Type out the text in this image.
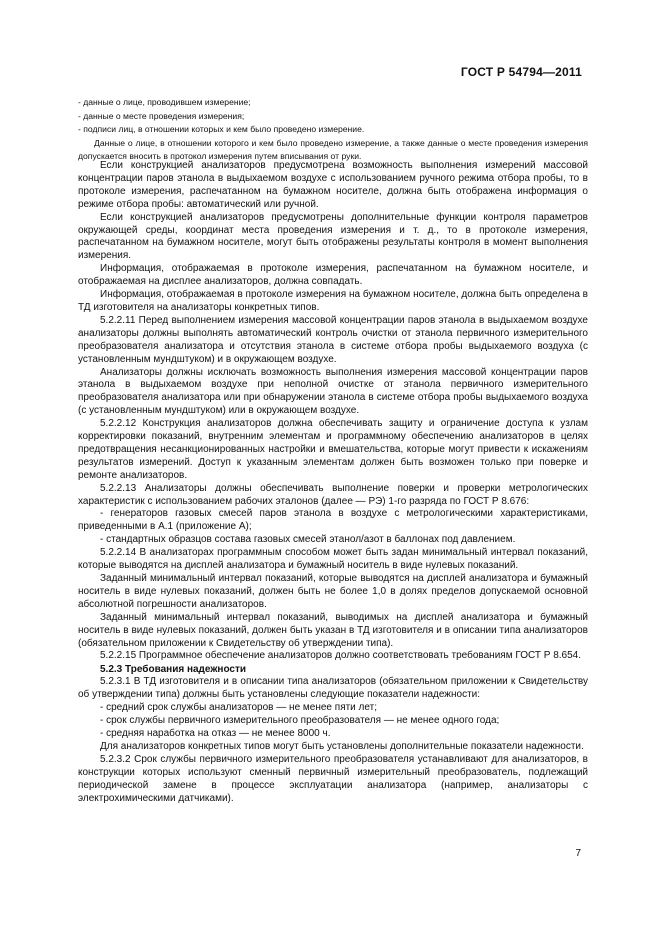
ГОСТ Р 54794—2011

- данные о лице, проводившем измерение;

- данные о месте проведения измерения;

- подписи лиц, в отношении которых и кем было проведено измерение.

Данные о лице, в отношении которого и кем было проведено измерение, а также данные о месте проведения измерения допускается вносить в протокол измерения путем вписывания от руки.

Если конструкцией анализаторов предусмотрена возможность выполнения измерений массовой концентрации паров этанола в выдыхаемом воздухе с использованием ручного режима отбора пробы, то в протоколе измерения, распечатанном на бумажном носителе, должна быть отображена информация о режиме отбора пробы: автоматический или ручной.

Если конструкцией анализаторов предусмотрены дополнительные функции контроля параметров окружающей среды, координат места проведения измерения и т. д., то в протоколе измерения, распечатанном на бумажном носителе, могут быть отображены результаты контроля в момент выполнения измерения.

Информация, отображаемая в протоколе измерения, распечатанном на бумажном носителе, и отображаемая на дисплее анализаторов, должна совпадать.

Информация, отображаемая в протоколе измерения на бумажном носителе, должна быть определена в ТД изготовителя на анализаторы конкретных типов.

5.2.2.11 Перед выполнением измерения массовой концентрации паров этанола в выдыхаемом воздухе анализаторы должны выполнять автоматический контроль очистки от этанола первичного измерительного преобразователя анализатора и отсутствия этанола в системе отбора пробы выдыхаемого воздуха (с установленным мундштуком) и в окружающем воздухе.

Анализаторы должны исключать возможность выполнения измерения массовой концентрации паров этанола в выдыхаемом воздухе при неполной очистке от этанола первичного измерительного преобразователя анализатора или при обнаружении этанола в системе отбора пробы выдыхаемого воздуха (с установленным мундштуком) или в окружающем воздухе.

5.2.2.12 Конструкция анализаторов должна обеспечивать защиту и ограничение доступа к узлам корректировки показаний, внутренним элементам и программному обеспечению анализаторов в целях предотвращения несанкционированных настройки и вмешательства, которые могут привести к искажениям результатов измерений. Доступ к указанным элементам должен быть возможен только при поверке и ремонте анализаторов.

5.2.2.13 Анализаторы должны обеспечивать выполнение поверки и проверки метрологических характеристик с использованием рабочих эталонов (далее — РЭ) 1-го разряда по ГОСТ Р 8.676:

- генераторов газовых смесей паров этанола в воздухе с метрологическими характеристиками, приведенными в А.1 (приложение А);

- стандартных образцов состава газовых смесей этанол/азот в баллонах под давлением.

5.2.2.14 В анализаторах программным способом может быть задан минимальный интервал показаний, которые выводятся на дисплей анализатора и бумажный носитель в виде нулевых показаний.

Заданный минимальный интервал показаний, которые выводятся на дисплей анализатора и бумажный носитель в виде нулевых показаний, должен быть не более 1,0 в долях пределов допускаемой основной абсолютной погрешности анализаторов.

Заданный минимальный интервал показаний, выводимых на дисплей анализатора и бумажный носитель в виде нулевых показаний, должен быть указан в ТД изготовителя и в описании типа анализаторов (обязательном приложении к Свидетельству об утверждении типа).

5.2.2.15 Программное обеспечение анализаторов должно соответствовать требованиям ГОСТ Р 8.654.

5.2.3 Требования надежности

5.2.3.1 В ТД изготовителя и в описании типа анализаторов (обязательном приложении к Свидетельству об утверждении типа) должны быть установлены следующие показатели надежности:

- средний срок службы анализаторов — не менее пяти лет;

- срок службы первичного измерительного преобразователя — не менее одного года;

- средняя наработка на отказ — не менее 8000 ч.

Для анализаторов конкретных типов могут быть установлены дополнительные показатели надежности.

5.2.3.2 Срок службы первичного измерительного преобразователя устанавливают для анализаторов, в конструкции которых используют сменный первичный измерительный преобразователь, подлежащий периодической замене в процессе эксплуатации анализатора (например, анализаторы с электрохимическими датчиками).

7
